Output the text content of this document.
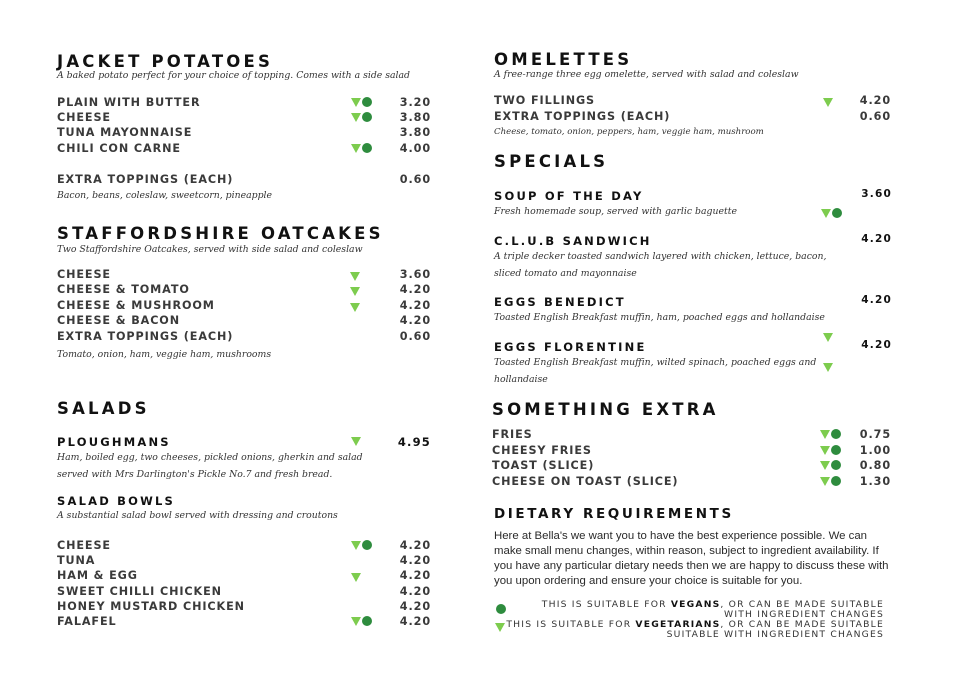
JACKET POTATOES
A baked potato perfect for your choice of topping. Comes with a side salad
PLAIN WITH BUTTER	3.20
CHEESE	3.80
TUNA MAYONNAISE	3.80
CHILI CON CARNE	4.00
EXTRA TOPPINGS (EACH)	0.60
Bacon, beans, coleslaw, sweetcorn, pineapple
STAFFORDSHIRE OATCAKES
Two Staffordshire Oatcakes, served with side salad and coleslaw
CHEESE	3.60
CHEESE & TOMATO	4.20
CHEESE & MUSHROOM	4.20
CHEESE & BACON	4.20
EXTRA TOPPINGS (EACH)	0.60
Tomato, onion, ham, veggie ham, mushrooms
SALADS
PLOUGHMANS	4.95
Ham, boiled egg, two cheeses, pickled onions, gherkin and salad served with Mrs Darlington's Pickle No.7 and fresh bread.
SALAD BOWLS
A substantial salad bowl served with dressing and croutons
CHEESE	4.20
TUNA	4.20
HAM & EGG	4.20
SWEET CHILLI CHICKEN	4.20
HONEY MUSTARD CHICKEN	4.20
FALAFEL	4.20
OMELETTES
A free-range three egg omelette, served with salad and coleslaw
TWO FILLINGS	4.20
EXTRA TOPPINGS (EACH)	0.60
Cheese, tomato, onion, peppers, ham, veggie ham, mushroom
SPECIALS
SOUP OF THE DAY	3.60
Fresh homemade soup, served with garlic baguette
C.L.U.B SANDWICH	4.20
A triple decker toasted sandwich layered with chicken, lettuce, bacon, sliced tomato and mayonnaise
EGGS BENEDICT	4.20
Toasted English Breakfast muffin, ham, poached eggs and hollandaise
EGGS FLORENTINE	4.20
Toasted English Breakfast muffin, wilted spinach, poached eggs and hollandaise
SOMETHING EXTRA
FRIES	0.75
CHEESY FRIES	1.00
TOAST (SLICE)	0.80
CHEESE ON TOAST (SLICE)	1.30
DIETARY REQUIREMENTS
Here at Bella's we want you to have the best experience possible. We can make small menu changes, within reason, subject to ingredient availability. If you have any particular dietary needs then we are happy to discuss these with you upon ordering and ensure your choice is suitable for you.
THIS IS SUITABLE FOR VEGANS, OR CAN BE MADE SUITABLE
WITH INGREDIENT CHANGES
THIS IS SUITABLE FOR VEGETARIANS, OR CAN BE MADE SUITABLE
SUITABLE WITH INGREDIENT CHANGES
